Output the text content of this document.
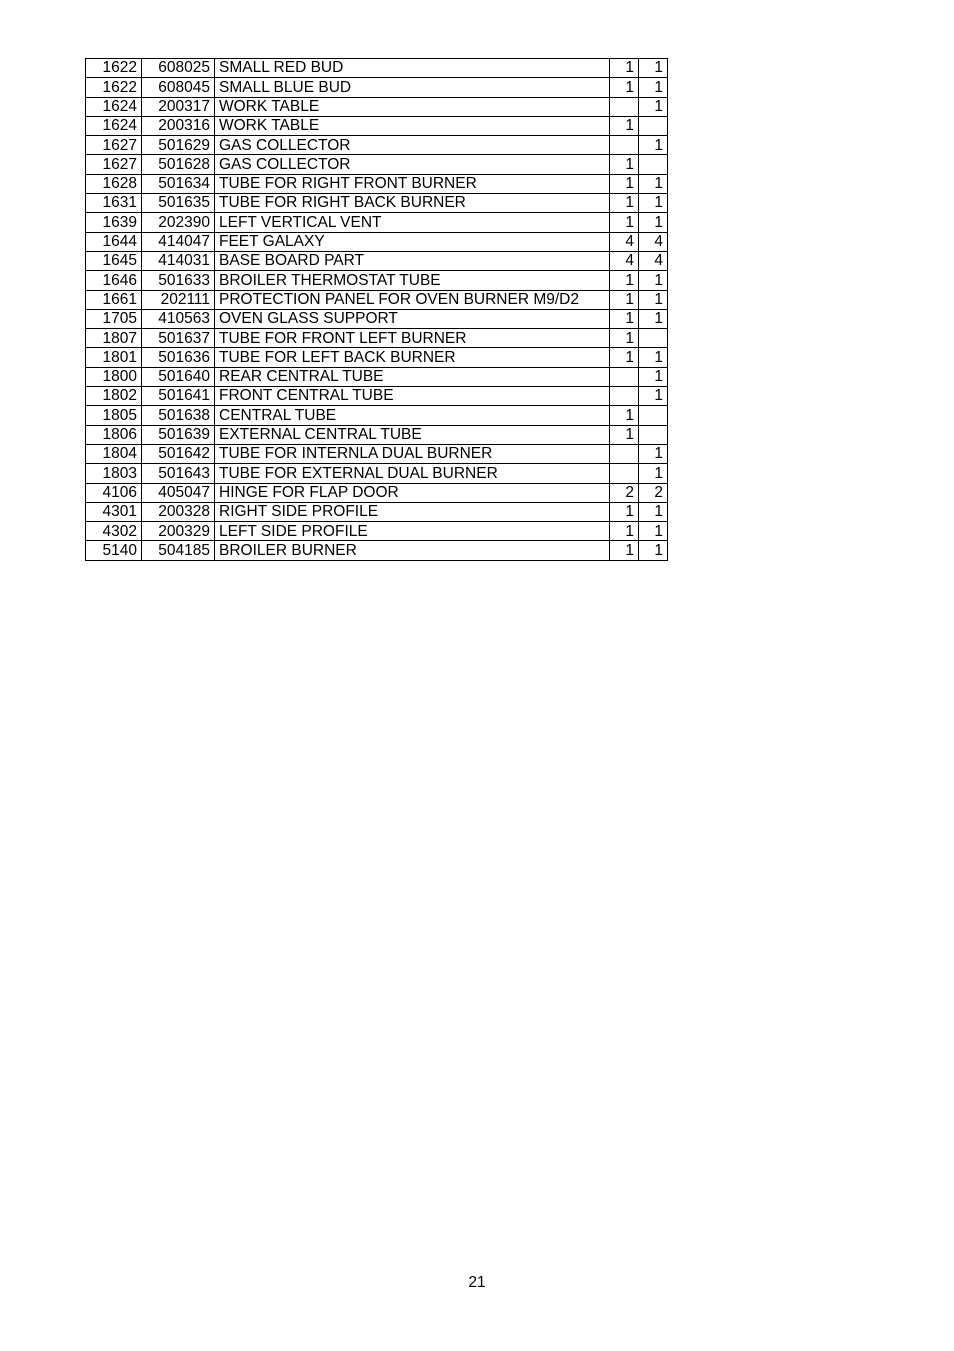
1622	608025	SMALL RED BUD	1	1
1622	608045	SMALL BLUE BUD	1	1
1624	200317	WORK TABLE		1
1624	200316	WORK TABLE	1	
1627	501629	GAS COLLECTOR		1
1627	501628	GAS COLLECTOR	1	
1628	501634	TUBE FOR RIGHT FRONT BURNER	1	1
1631	501635	TUBE FOR RIGHT BACK BURNER	1	1
1639	202390	LEFT VERTICAL VENT	1	1
1644	414047	FEET GALAXY	4	4
1645	414031	BASE BOARD PART	4	4
1646	501633	BROILER THERMOSTAT TUBE	1	1
1661	202111	PROTECTION PANEL FOR OVEN BURNER M9/D2	1	1
1705	410563	OVEN GLASS SUPPORT	1	1
1807	501637	TUBE FOR FRONT LEFT BURNER	1	
1801	501636	TUBE FOR LEFT BACK BURNER	1	1
1800	501640	REAR CENTRAL TUBE		1
1802	501641	FRONT CENTRAL TUBE		1
1805	501638	CENTRAL TUBE	1	
1806	501639	EXTERNAL CENTRAL TUBE	1	
1804	501642	TUBE FOR INTERNLA DUAL BURNER		1
1803	501643	TUBE FOR EXTERNAL DUAL BURNER		1
4106	405047	HINGE FOR FLAP DOOR	2	2
4301	200328	RIGHT SIDE PROFILE	1	1
4302	200329	LEFT SIDE PROFILE	1	1
5140	504185	BROILER BURNER	1	1
21
